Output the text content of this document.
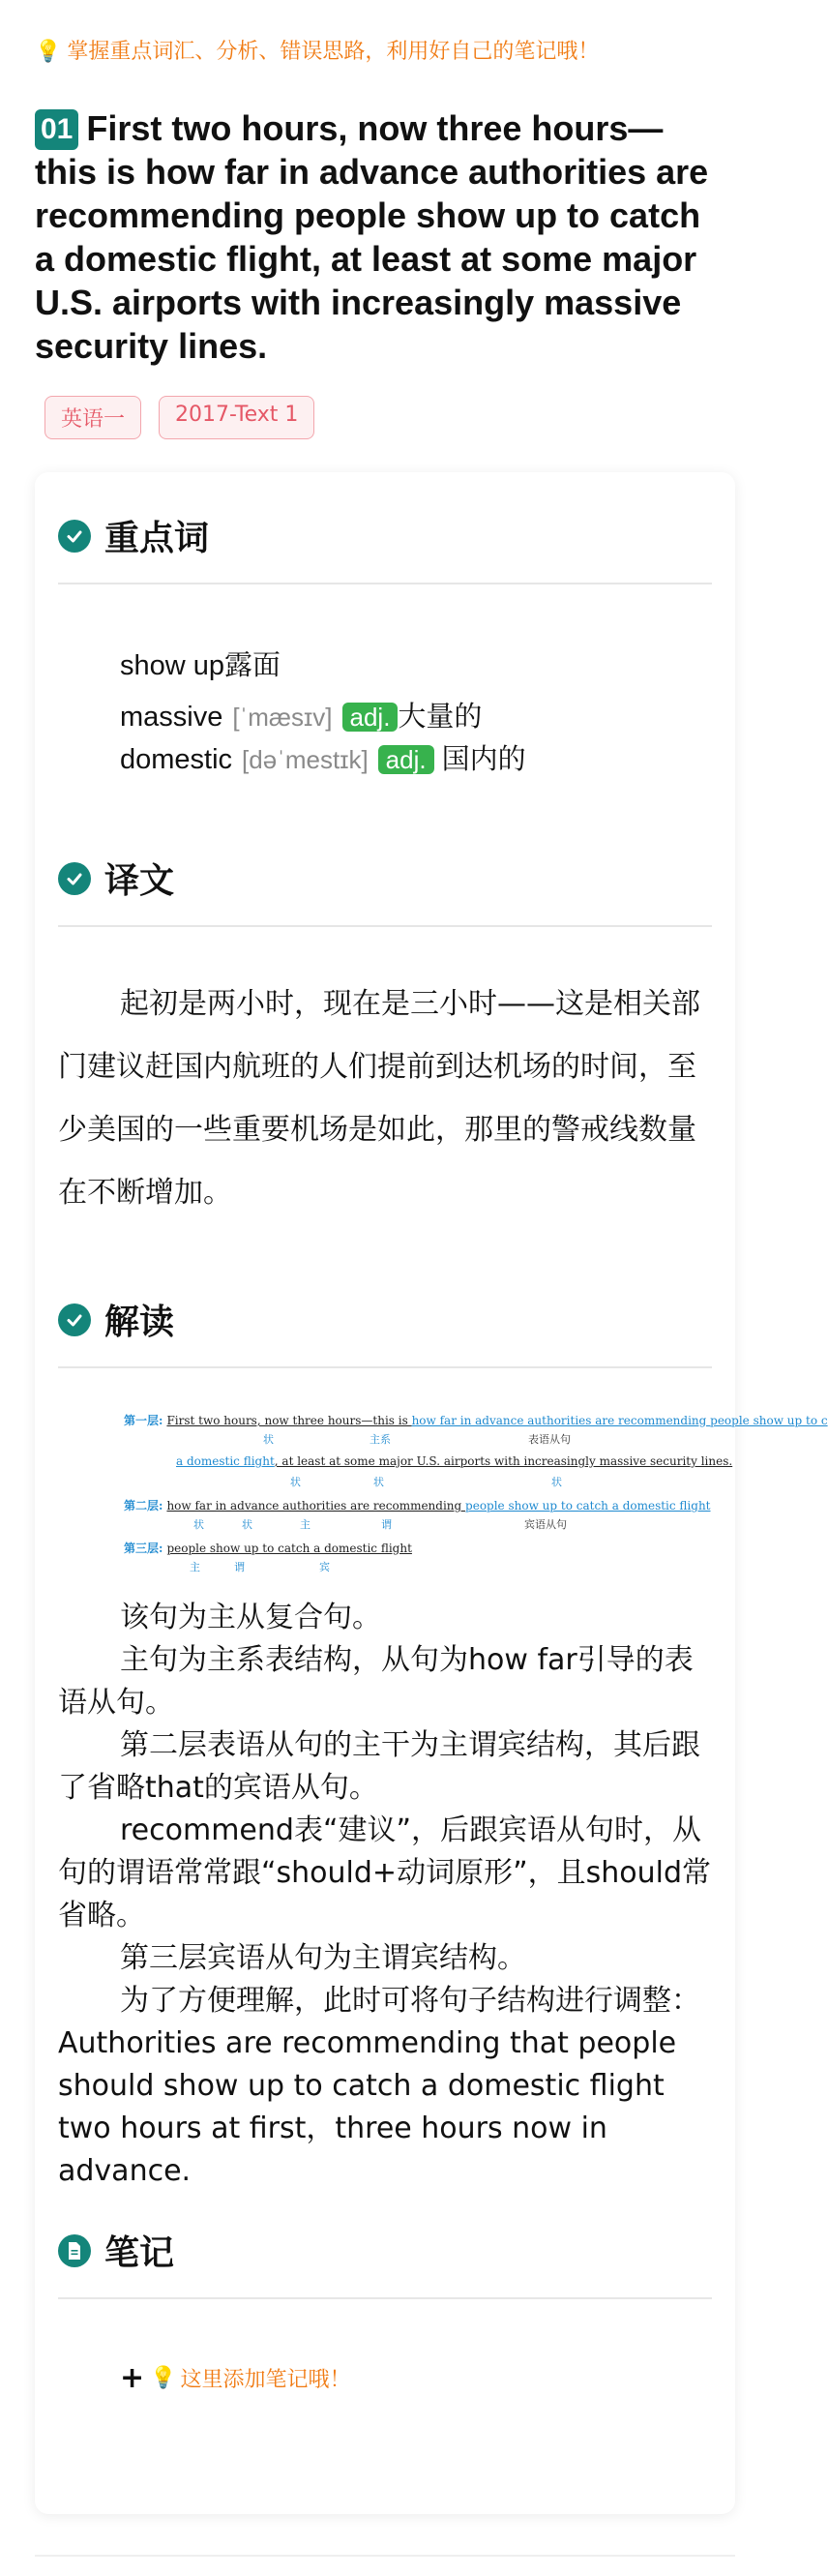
💡 掌握重点词汇、分析、错误思路，利用好自己的笔记哦！
01 First two hours, now three hours—this is how far in advance authorities are recommending people show up to catch a domestic flight, at least at some major U.S. airports with increasingly massive security lines.
英语一	2017-Text 1
重点词
show up露面
massive [ˈmæsɪv] adj. 大量的
domestic [dəˈmestɪk] adj. 国内的
译文
起初是两小时，现在是三小时——这是相关部门建议赶国内航班的人们提前到达机场的时间，至少美国的一些重要机场是如此，那里的警戒线数量在不断增加。
解读
第一层: First two hours, now three hours—this is how far in advance authorities are recommending people show up to c
状	主系	表语从句
a domestic flight, at least at some major U.S. airports with increasingly massive security lines.
状	状	状
第二层: how far in advance authorities are recommending people show up to catch a domestic flight
状	状	主	谓	宾语从句
第三层: people show up to catch a domestic flight
主	谓	宾

该句为主从复合句。

主句为主系表结构，从句为how far引导的表语从句。

第二层表语从句的主干为主谓宾结构，其后跟了省略that的宾语从句。

recommend表“建议”，后跟宾语从句时，从句的谓语常常跟“should+动词原形”，且should常省略。

第三层宾语从句为主谓宾结构。

为了方便理解，此时可将句子结构进行调整：Authorities are recommending that people should show up to catch a domestic flight two hours at first，three hours now in advance.

笔记
+ 💡 这里添加笔记哦！
